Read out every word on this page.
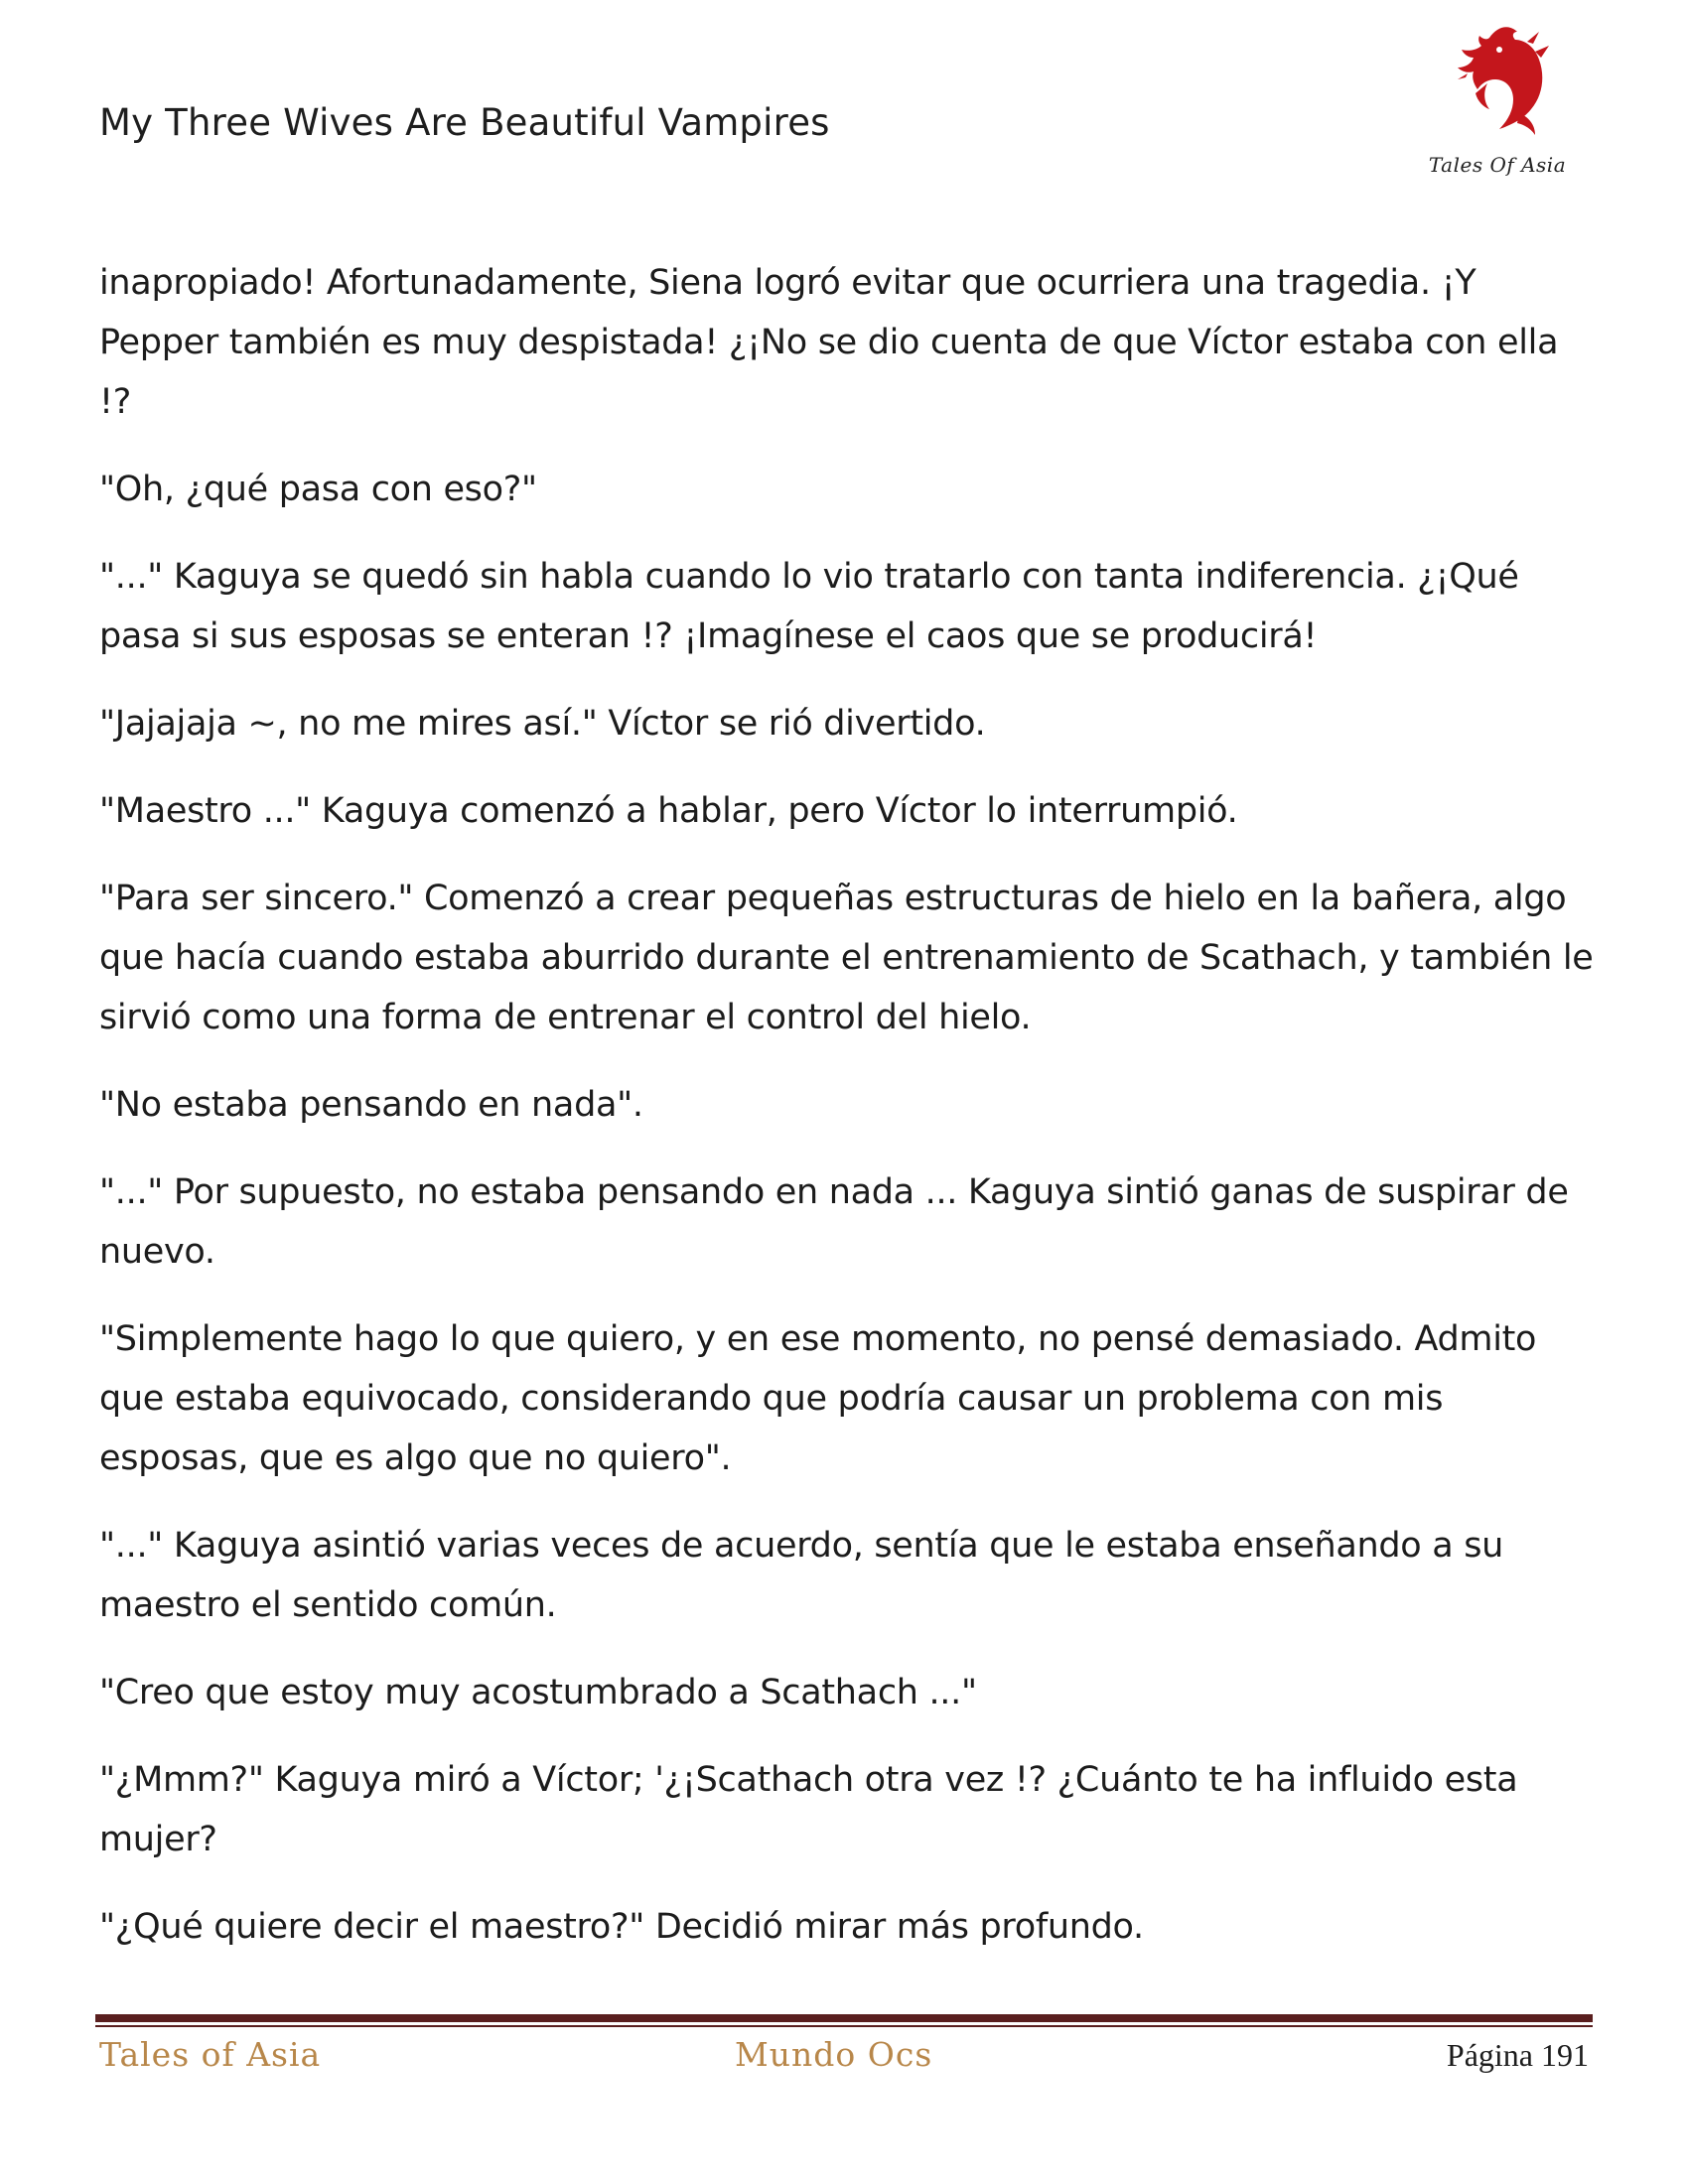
My Three Wives Are Beautiful Vampires
Tales Of Asia

inapropiado! Afortunadamente, Siena logró evitar que ocurriera una tragedia. ¡Y Pepper también es muy despistada! ¿¡No se dio cuenta de que Víctor estaba con ella !?

"Oh, ¿qué pasa con eso?"

"..." Kaguya se quedó sin habla cuando lo vio tratarlo con tanta indiferencia. ¿¡Qué pasa si sus esposas se enteran !? ¡Imagínese el caos que se producirá!

"Jajajaja ~, no me mires así." Víctor se rió divertido.

"Maestro ..." Kaguya comenzó a hablar, pero Víctor lo interrumpió.

"Para ser sincero." Comenzó a crear pequeñas estructuras de hielo en la bañera, algo que hacía cuando estaba aburrido durante el entrenamiento de Scathach, y también le sirvió como una forma de entrenar el control del hielo.

"No estaba pensando en nada".

"..." Por supuesto, no estaba pensando en nada ... Kaguya sintió ganas de suspirar de nuevo.

"Simplemente hago lo que quiero, y en ese momento, no pensé demasiado. Admito que estaba equivocado, considerando que podría causar un problema con mis esposas, que es algo que no quiero".

"..." Kaguya asintió varias veces de acuerdo, sentía que le estaba enseñando a su maestro el sentido común.

"Creo que estoy muy acostumbrado a Scathach ..."

"¿Mmm?" Kaguya miró a Víctor; '¿¡Scathach otra vez !? ¿Cuánto te ha influido esta mujer?

"¿Qué quiere decir el maestro?" Decidió mirar más profundo.

Tales of Asia	Mundo Ocs	Página 191
